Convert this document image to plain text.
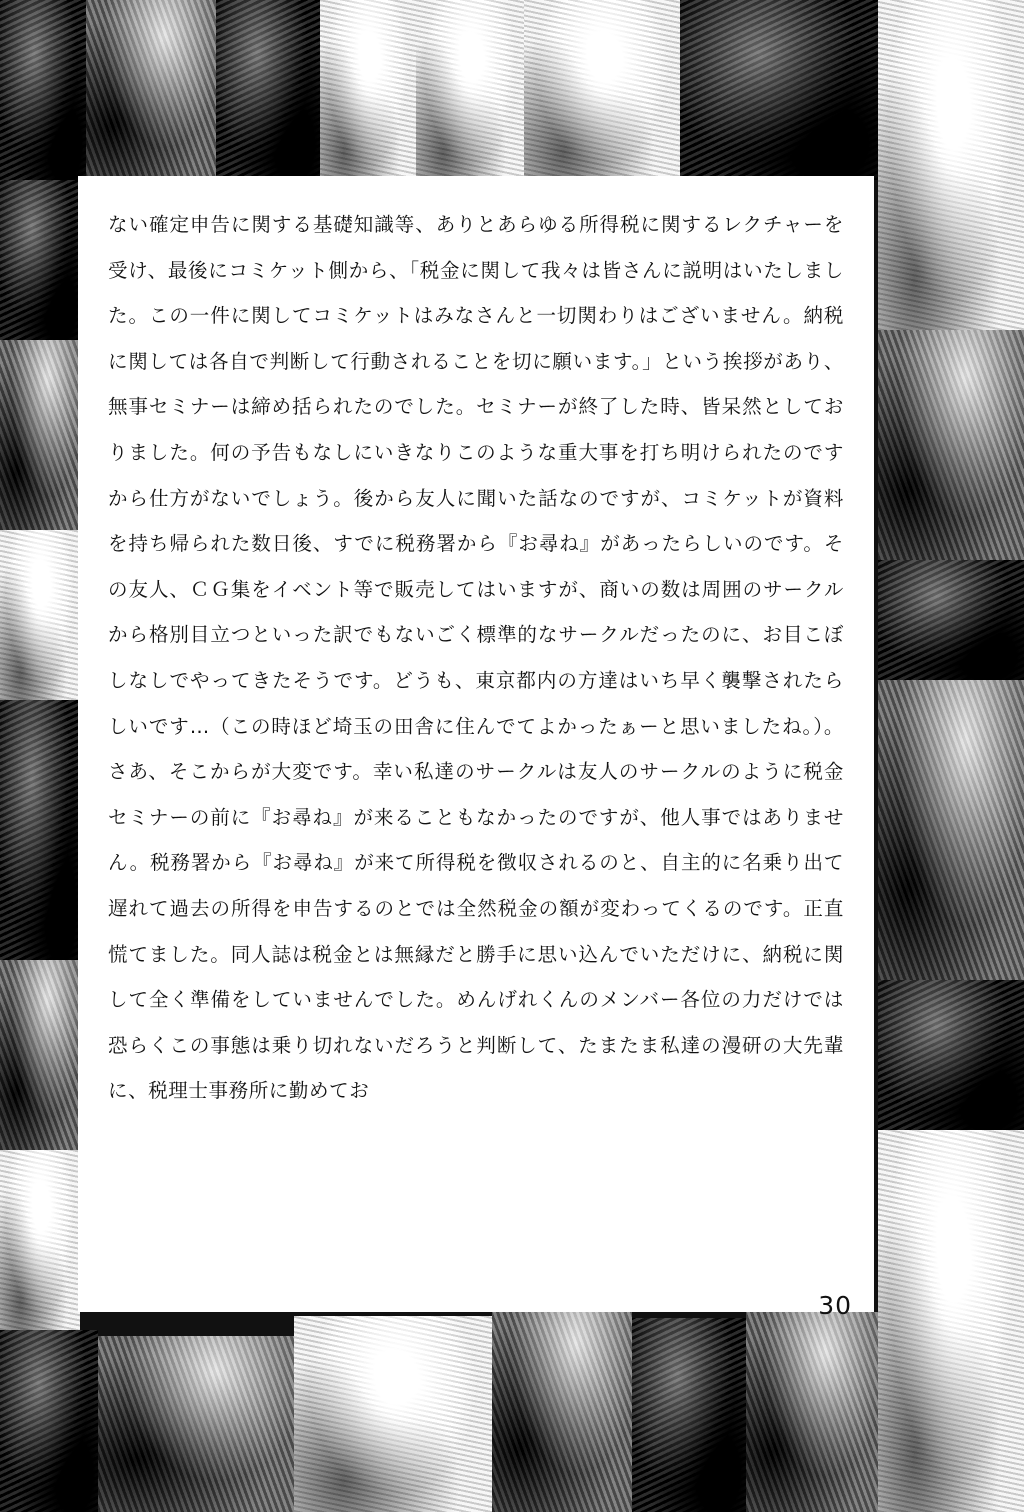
ない確定申告に関する基礎知識等、ありとあらゆる所得税に関するレクチャーを受け、最後にコミケット側から、「税金に関して我々は皆さんに説明はいたしました。この一件に関してコミケットはみなさんと一切関わりはございません。納税に関しては各自で判断して行動されることを切に願います。」という挨拶があり、無事セミナーは締め括られたのでした。セミナーが終了した時、皆呆然としておりました。何の予告もなしにいきなりこのような重大事を打ち明けられたのですから仕方がないでしょう。後から友人に聞いた話なのですが、コミケットが資料を持ち帰られた数日後、すでに税務署から『お尋ね』があったらしいのです。その友人、ＣＧ集をイベント等で販売してはいますが、商いの数は周囲のサークルから格別目立つといった訳でもないごく標準的なサークルだったのに、お目こぼしなしでやってきたそうです。どうも、東京都内の方達はいち早く襲撃されたらしいです…（この時ほど埼玉の田舎に住んでてよかったぁーと思いましたね。）。さあ、そこからが大変です。幸い私達のサークルは友人のサークルのように税金セミナーの前に『お尋ね』が来ることもなかったのですが、他人事ではありません。税務署から『お尋ね』が来て所得税を徴収されるのと、自主的に名乗り出て遅れて過去の所得を申告するのとでは全然税金の額が変わってくるのです。正直慌てました。同人誌は税金とは無縁だと勝手に思い込んでいただけに、納税に関して全く準備をしていませんでした。めんげれくんのメンバー各位の力だけでは恐らくこの事態は乗り切れないだろうと判断して、たまたま私達の漫研の大先輩に、税理士事務所に勤めてお
30
